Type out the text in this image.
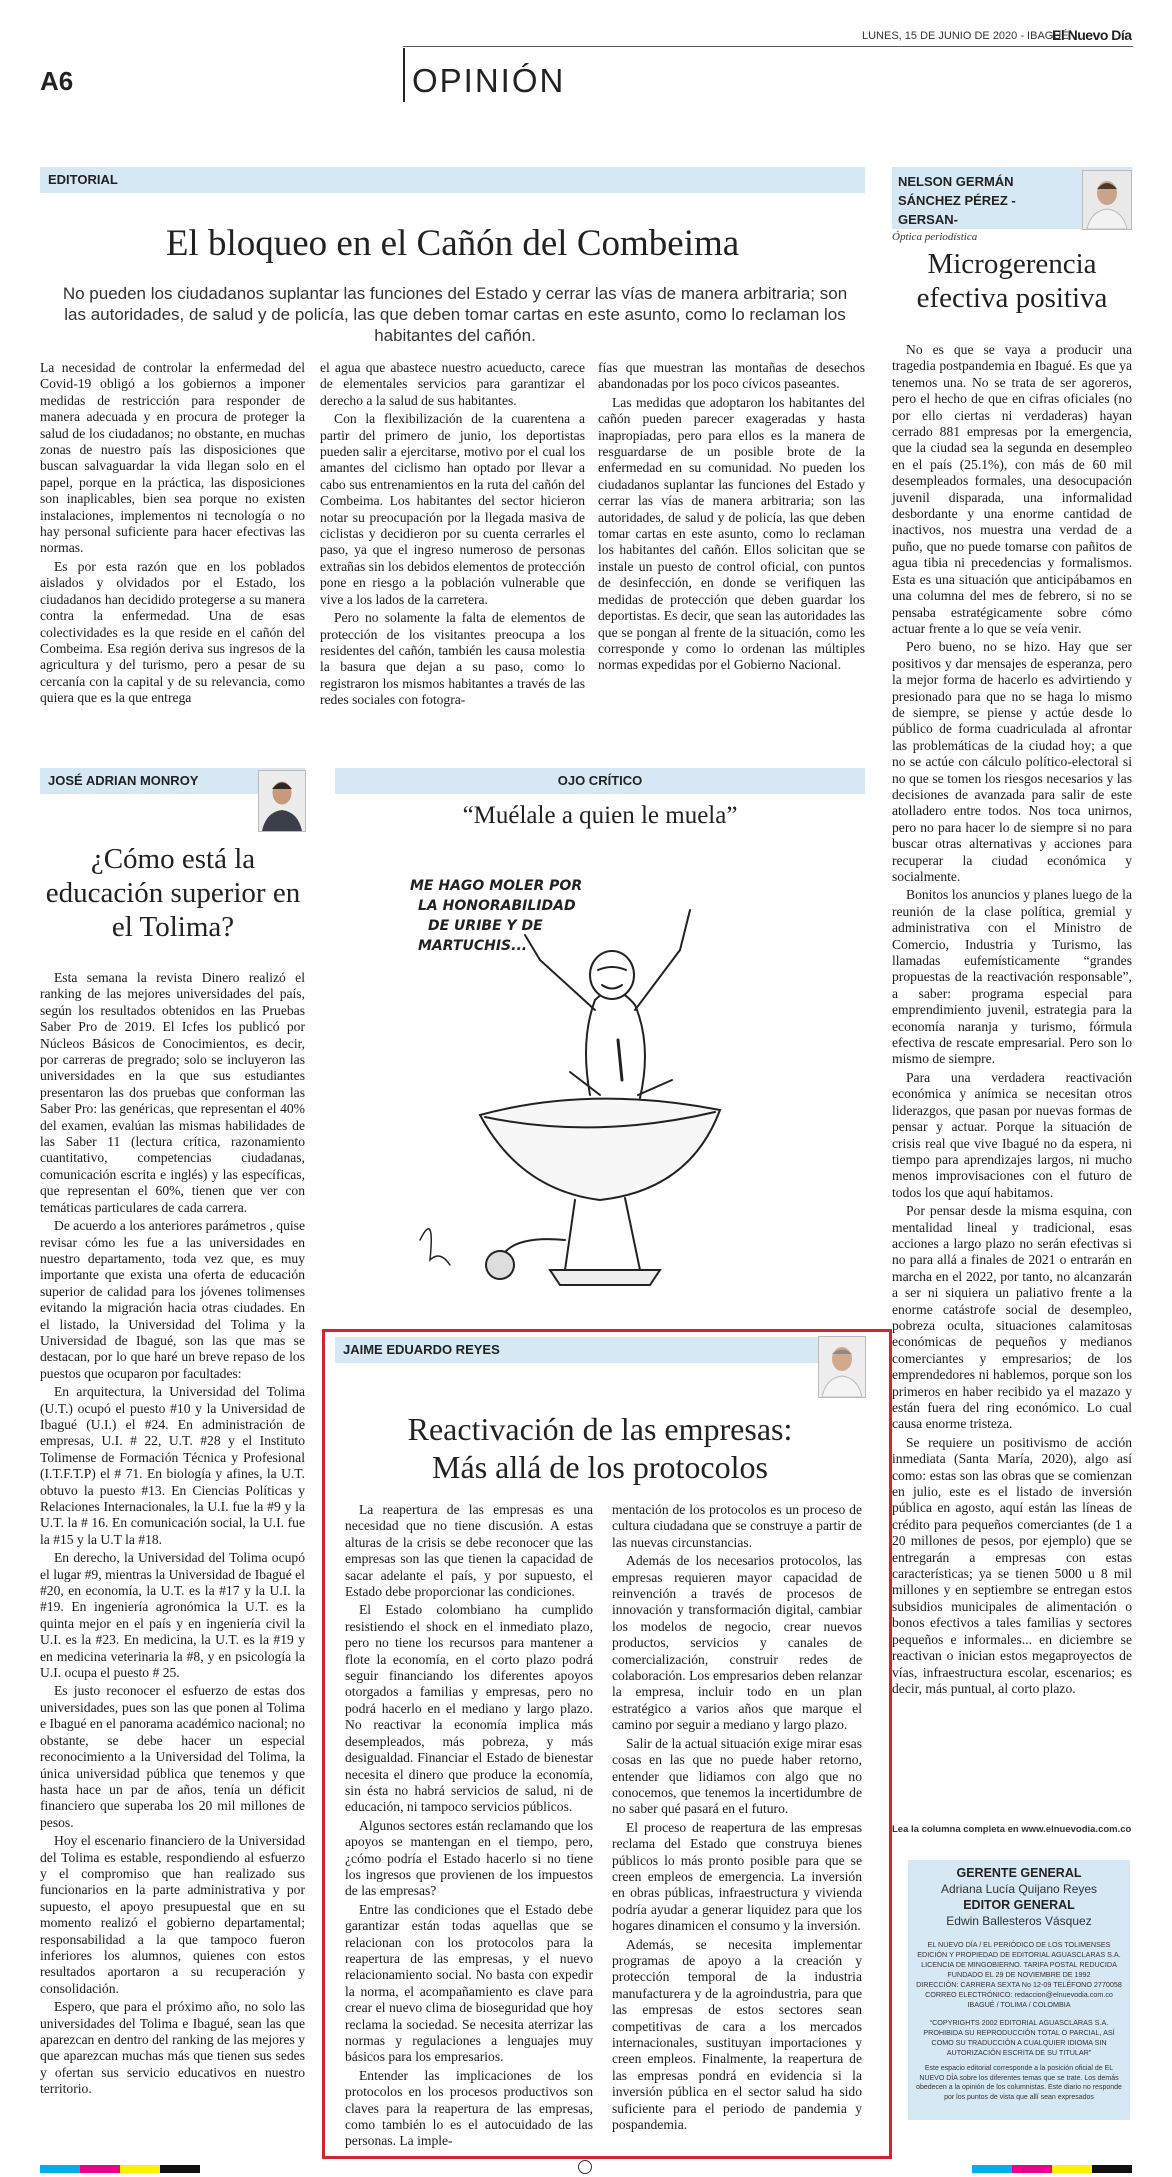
LUNES, 15 DE JUNIO DE 2020 - IBAGUÉ
El Nuevo Día
A6	OPINIÓN
EDITORIAL
El bloqueo en el Cañón del Combeima
No pueden los ciudadanos suplantar las funciones del Estado y cerrar las vías de manera arbitraria; son las autoridades, de salud y de policía, las que deben tomar cartas en este asunto, como lo reclaman los habitantes del cañón.

La necesidad de controlar la enfermedad del Covid-19 obligó a los gobiernos a imponer medidas de restricción para responder de manera adecuada y en procura de proteger la salud de los ciudadanos; no obstante, en muchas zonas de nuestro país las disposiciones que buscan salvaguardar la vida llegan solo en el papel, porque en la práctica, las disposiciones son inaplicables, bien sea porque no existen instalaciones, implementos ni tecnología o no hay personal suficiente para hacer efectivas las normas.

Es por esta razón que en los poblados aislados y olvidados por el Estado, los ciudadanos han decidido protegerse a su manera contra la enfermedad. Una de esas colectividades es la que reside en el cañón del Combeima. Esa región deriva sus ingresos de la agricultura y del turismo, pero a pesar de su cercanía con la capital y de su relevancia, como quiera que es la que entrega

el agua que abastece nuestro acueducto, carece de elementales servicios para garantizar el derecho a la salud de sus habitantes.

Con la flexibilización de la cuarentena a partir del primero de junio, los deportistas pueden salir a ejercitarse, motivo por el cual los amantes del ciclismo han optado por llevar a cabo sus entrenamientos en la ruta del cañón del Combeima. Los habitantes del sector hicieron notar su preocupación por la llegada masiva de ciclistas y decidieron por su cuenta cerrarles el paso, ya que el ingreso numeroso de personas extrañas sin los debidos elementos de protección pone en riesgo a la población vulnerable que vive a los lados de la carretera.

Pero no solamente la falta de elementos de protección de los visitantes preocupa a los residentes del cañón, también les causa molestia la basura que dejan a su paso, como lo registraron los mismos habitantes a través de las redes sociales con fotogra-

fías que muestran las montañas de desechos abandonadas por los poco cívicos paseantes.

Las medidas que adoptaron los habitantes del cañón pueden parecer exageradas y hasta inapropiadas, pero para ellos es la manera de resguardarse de un posible brote de la enfermedad en su comunidad. No pueden los ciudadanos suplantar las funciones del Estado y cerrar las vías de manera arbitraria; son las autoridades, de salud y de policía, las que deben tomar cartas en este asunto, como lo reclaman los habitantes del cañón. Ellos solicitan que se instale un puesto de control oficial, con puntos de desinfección, en donde se verifiquen las medidas de protección que deben guardar los deportistas. Es decir, que sean las autoridades las que se pongan al frente de la situación, como les corresponde y como lo ordenan las múltiples normas expedidas por el Gobierno Nacional.

NELSON GERMÁN SÁNCHEZ PÉREZ -GERSAN-
Óptica periodística
Microgerencia efectiva positiva

No es que se vaya a producir una tragedia postpandemia en Ibagué. Es que ya tenemos una. No se trata de ser agoreros, pero el hecho de que en cifras oficiales (no por ello ciertas ni verdaderas) hayan cerrado 881 empresas por la emergencia, que la ciudad sea la segunda en desempleo en el país (25.1%), con más de 60 mil desempleados formales, una desocupación juvenil disparada, una informalidad desbordante y una enorme cantidad de inactivos, nos muestra una verdad de a puño, que no puede tomarse con pañitos de agua tibia ni precedencias y formalismos. Esta es una situación que anticipábamos en una columna del mes de febrero, si no se pensaba estratégicamente sobre cómo actuar frente a lo que se veía venir.

Pero bueno, no se hizo. Hay que ser positivos y dar mensajes de esperanza, pero la mejor forma de hacerlo es advirtiendo y presionado para que no se haga lo mismo de siempre, se piense y actúe desde lo público de forma cuadriculada al afrontar las problemáticas de la ciudad hoy; a que no se actúe con cálculo político-electoral si no que se tomen los riesgos necesarios y las decisiones de avanzada para salir de este atolladero entre todos. Nos toca unirnos, pero no para hacer lo de siempre si no para buscar otras alternativas y acciones para recuperar la ciudad económica y socialmente.

Bonitos los anuncios y planes luego de la reunión de la clase política, gremial y administrativa con el Ministro de Comercio, Industria y Turismo, las llamadas eufemísticamente “grandes propuestas de la reactivación responsable”, a saber: programa especial para emprendimiento juvenil, estrategia para la economía naranja y turismo, fórmula efectiva de rescate empresarial. Pero son lo mismo de siempre.

Para una verdadera reactivación económica y anímica se necesitan otros liderazgos, que pasan por nuevas formas de pensar y actuar. Porque la situación de crisis real que vive Ibagué no da espera, ni tiempo para aprendizajes largos, ni mucho menos improvisaciones con el futuro de todos los que aquí habitamos.

Por pensar desde la misma esquina, con mentalidad lineal y tradicional, esas acciones a largo plazo no serán efectivas si no para allá a finales de 2021 o entrarán en marcha en el 2022, por tanto, no alcanzarán a ser ni siquiera un paliativo frente a la enorme catástrofe social de desempleo, pobreza oculta, situaciones calamitosas económicas de pequeños y medianos comerciantes y empresarios; de los emprendedores ni hablemos, porque son los primeros en haber recibido ya el mazazo y están fuera del ring económico. Lo cual causa enorme tristeza.

Se requiere un positivismo de acción inmediata (Santa María, 2020), algo así como: estas son las obras que se comienzan en julio, este es el listado de inversión pública en agosto, aquí están las líneas de crédito para pequeños comerciantes (de 1 a 20 millones de pesos, por ejemplo) que se entregarán a empresas con estas características; ya se tienen 5000 u 8 mil millones y en septiembre se entregan estos subsidios municipales de alimentación o bonos efectivos a tales familias y sectores pequeños e informales... en diciembre se reactivan o inician estos megaproyectos de vías, infraestructura escolar, escenarios; es decir, más puntual, al corto plazo.

Lea la columna completa en www.elnuevodia.com.co
GERENTE GENERAL
Adriana Lucía Quijano Reyes
EDITOR GENERAL
Edwin Ballesteros Vásquez
EL NUEVO DÍA / EL PERIÓDICO DE LOS TOLIMENSES
EDICIÓN Y PROPIEDAD DE EDITORIAL AGUASCLARAS S.A.
LICENCIA DE MINGOBIERNO. TARIFA POSTAL REDUCIDA
FUNDADO EL 29 DE NOVIEMBRE DE 1992
DIRECCIÓN: CARRERA SEXTA No 12-09 TELÉFONO 2770058
CORREO ELECTRÓNICO: redaccion@elnuevodia.com.co
IBAGUÉ / TOLIMA / COLOMBIA
“COPYRIGHTS 2002 EDITORIAL AGUASCLARAS S.A. PROHIBIDA SU REPRODUCCIÓN TOTAL O PARCIAL, ASÍ COMO SU TRADUCCIÓN A CUALQUIER IDIOMA SIN AUTORIZACIÓN ESCRITA DE SU TITULAR”
Este espacio editorial corresponde a la posición oficial de EL NUEVO DÍA sobre los diferentes temas que se trate. Los demás obedecen a la opinión de los columnistas. Este diario no responde por los puntos de vista que allí sean expresados
JOSÉ ADRIAN MONROY
¿Cómo está la educación superior en el Tolima?

Esta semana la revista Dinero realizó el ranking de las mejores universidades del país, según los resultados obtenidos en las Pruebas Saber Pro de 2019. El Icfes los publicó por Núcleos Básicos de Conocimientos, es decir, por carreras de pregrado; solo se incluyeron las universidades en la que sus estudiantes presentaron las dos pruebas que conforman las Saber Pro: las genéricas, que representan el 40% del examen, evalúan las mismas habilidades de las Saber 11 (lectura crítica, razonamiento cuantitativo, competencias ciudadanas, comunicación escrita e inglés) y las específicas, que representan el 60%, tienen que ver con temáticas particulares de cada carrera.

De acuerdo a los anteriores parámetros , quise revisar cómo les fue a las universidades en nuestro departamento, toda vez que, es muy importante que exista una oferta de educación superior de calidad para los jóvenes tolimenses evitando la migración hacia otras ciudades. En el listado, la Universidad del Tolima y la Universidad de Ibagué, son las que mas se destacan, por lo que haré un breve repaso de los puestos que ocuparon por facultades:

En arquitectura, la Universidad del Tolima (U.T.) ocupó el puesto #10 y la Universidad de Ibagué (U.I.) el #24. En administración de empresas, U.I. # 22, U.T. #28 y el Instituto Tolimense de Formación Técnica y Profesional (I.T.F.T.P) el # 71. En biología y afines, la U.T. obtuvo la puesto #13. En Ciencias Políticas y Relaciones Internacionales, la U.I. fue la #9 y la U.T. la # 16. En comunicación social, la U.I. fue la #15 y la U.T la #18.

En derecho, la Universidad del Tolima ocupó el lugar #9, mientras la Universidad de Ibagué el #20, en economía, la U.T. es la #17 y la U.I. la #19. En ingeniería agronómica la U.T. es la quinta mejor en el país y en ingeniería civil la U.I. es la #23. En medicina, la U.T. es la #19 y en medicina veterinaria la #8, y en psicología la U.I. ocupa el puesto # 25.

Es justo reconocer el esfuerzo de estas dos universidades, pues son las que ponen al Tolima e Ibagué en el panorama académico nacional; no obstante, se debe hacer un especial reconocimiento a la Universidad del Tolima, la única universidad pública que tenemos y que hasta hace un par de años, tenía un déficit financiero que superaba los 20 mil millones de pesos.

Hoy el escenario financiero de la Universidad del Tolima es estable, respondiendo al esfuerzo y el compromiso que han realizado sus funcionarios en la parte administrativa y por supuesto, el apoyo presupuestal que en su momento realizó el gobierno departamental; responsabilidad a la que tampoco fueron inferiores los alumnos, quienes con estos resultados aportaron a su recuperación y consolidación.

Espero, que para el próximo año, no solo las universidades del Tolima e Ibagué, sean las que aparezcan en dentro del ranking de las mejores y que aparezcan muchas más que tienen sus sedes y ofertan sus servicio educativos en nuestro territorio.

OJO CRÍTICO
“Muélale a quien le muela”
ME HAGO MOLER POR
LA HONORABILIDAD
DE URIBE Y DE
MARTUCHIS...
JAIME EDUARDO REYES
Reactivación de las empresas:
Más allá de los protocolos

La reapertura de las empresas es una necesidad que no tiene discusión. A estas alturas de la crisis se debe reconocer que las empresas son las que tienen la capacidad de sacar adelante el país, y por supuesto, el Estado debe proporcionar las condiciones.

El Estado colombiano ha cumplido resistiendo el shock en el inmediato plazo, pero no tiene los recursos para mantener a flote la economía, en el corto plazo podrá seguir financiando los diferentes apoyos otorgados a familias y empresas, pero no podrá hacerlo en el mediano y largo plazo. No reactivar la economía implica más desempleados, más pobreza, y más desigualdad. Financiar el Estado de bienestar necesita el dinero que produce la economía, sin ésta no habrá servicios de salud, ni de educación, ni tampoco servicios públicos.

Algunos sectores están reclamando que los apoyos se mantengan en el tiempo, pero, ¿cómo podría el Estado hacerlo si no tiene los ingresos que provienen de los impuestos de las empresas?

Entre las condiciones que el Estado debe garantizar están todas aquellas que se relacionan con los protocolos para la reapertura de las empresas, y el nuevo relacionamiento social. No basta con expedir la norma, el acompañamiento es clave para crear el nuevo clima de bioseguridad que hoy reclama la sociedad. Se necesita aterrizar las normas y regulaciones a lenguajes muy básicos para los empresarios.

Entender las implicaciones de los protocolos en los procesos productivos son claves para la reapertura de las empresas, como también lo es el autocuidado de las personas. La imple-

mentación de los protocolos es un proceso de cultura ciudadana que se construye a partir de las nuevas circunstancias.

Además de los necesarios protocolos, las empresas requieren mayor capacidad de reinvención a través de procesos de innovación y transformación digital, cambiar los modelos de negocio, crear nuevos productos, servicios y canales de comercialización, construir redes de colaboración. Los empresarios deben relanzar la empresa, incluir todo en un plan estratégico a varios años que marque el camino por seguir a mediano y largo plazo.

Salir de la actual situación exige mirar esas cosas en las que no puede haber retorno, entender que lidiamos con algo que no conocemos, que tenemos la incertidumbre de no saber qué pasará en el futuro.

El proceso de reapertura de las empresas reclama del Estado que construya bienes públicos lo más pronto posible para que se creen empleos de emergencia. La inversión en obras públicas, infraestructura y vivienda podría ayudar a generar liquidez para que los hogares dinamicen el consumo y la inversión.

Además, se necesita implementar programas de apoyo a la creación y protección temporal de la industria manufacturera y de la agroindustria, para que las empresas de estos sectores sean competitivas de cara a los mercados internacionales, sustituyan importaciones y creen empleos. Finalmente, la reapertura de las empresas pondrá en evidencia si la inversión pública en el sector salud ha sido suficiente para el periodo de pandemia y pospandemia.
